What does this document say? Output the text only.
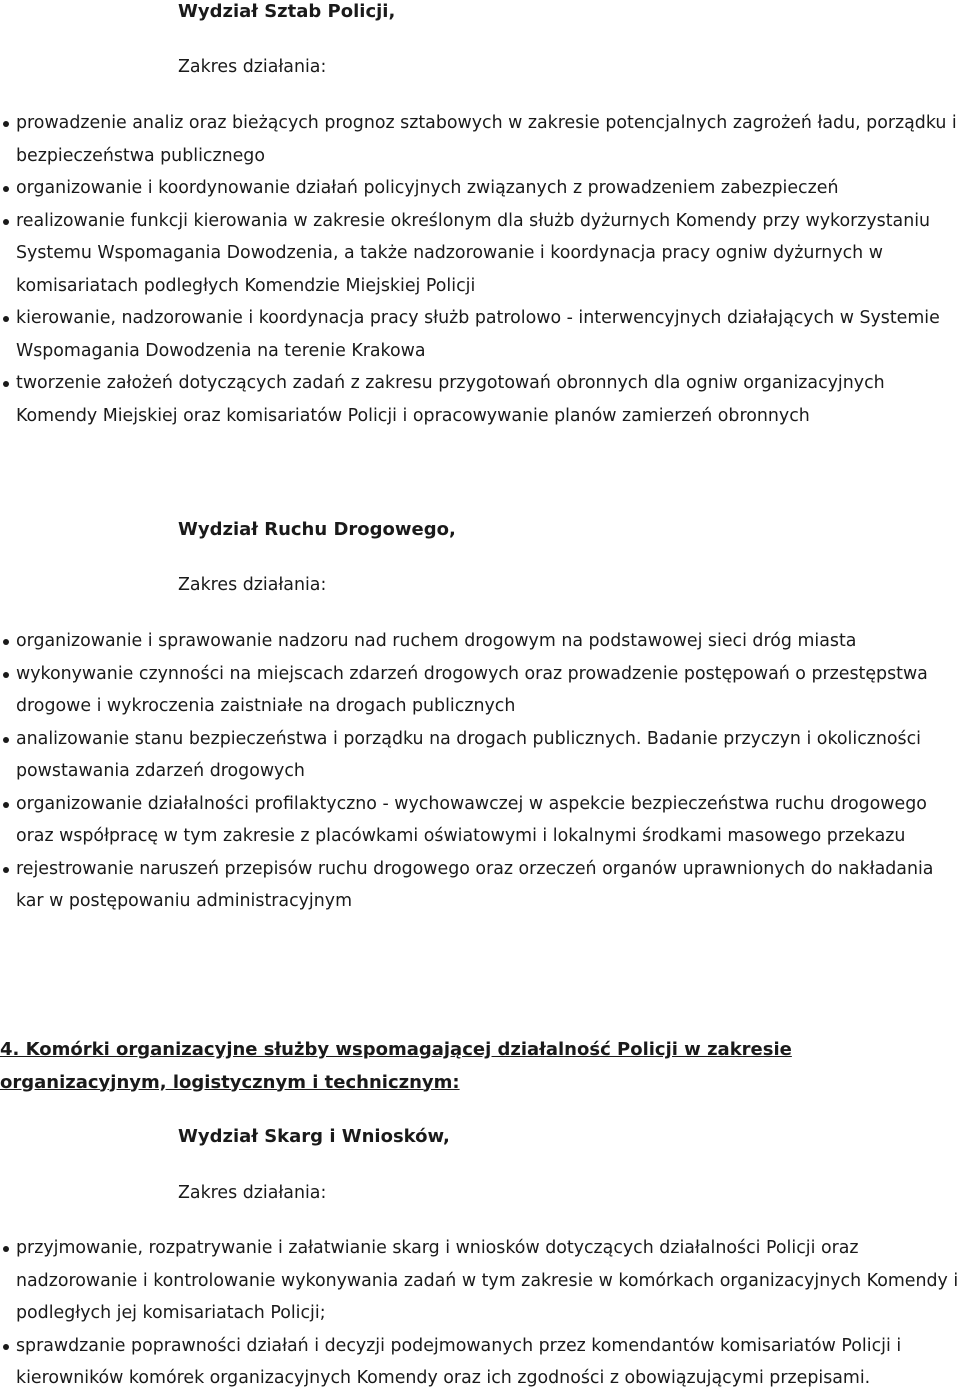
Wydział Sztab Policji,
Zakres działania:
prowadzenie analiz oraz bieżących prognoz sztabowych w zakresie potencjalnych zagrożeń ładu, porządku i bezpieczeństwa publicznego
organizowanie i koordynowanie działań policyjnych związanych z prowadzeniem zabezpieczeń
realizowanie funkcji kierowania w zakresie określonym dla służb dyżurnych Komendy przy wykorzystaniu Systemu Wspomagania Dowodzenia, a także nadzorowanie i koordynacja pracy ogniw dyżurnych w komisariatach podległych Komendzie Miejskiej Policji
kierowanie, nadzorowanie i koordynacja pracy służb patrolowo - interwencyjnych działających w Systemie Wspomagania Dowodzenia na terenie Krakowa
tworzenie założeń dotyczących zadań z zakresu przygotowań obronnych dla ogniw organizacyjnych Komendy Miejskiej oraz komisariatów Policji i opracowywanie planów zamierzeń obronnych
Wydział Ruchu Drogowego,
Zakres działania:
organizowanie i sprawowanie nadzoru nad ruchem drogowym na podstawowej sieci dróg miasta
wykonywanie czynności na miejscach zdarzeń drogowych oraz prowadzenie postępowań o przestępstwa drogowe i wykroczenia zaistniałe na drogach publicznych
analizowanie stanu bezpieczeństwa i porządku na drogach publicznych. Badanie przyczyn i okoliczności powstawania zdarzeń drogowych
organizowanie działalności profilaktyczno - wychowawczej w aspekcie bezpieczeństwa ruchu drogowego oraz współpracę w tym zakresie z placówkami oświatowymi i lokalnymi środkami masowego przekazu
rejestrowanie naruszeń przepisów ruchu drogowego oraz orzeczeń organów uprawnionych do nakładania kar w postępowaniu administracyjnym
4. Komórki organizacyjne służby wspomagającej działalność Policji w zakresie organizacyjnym, logistycznym i technicznym:
Wydział Skarg i Wniosków,
Zakres działania:
przyjmowanie, rozpatrywanie i załatwianie skarg i wniosków dotyczących działalności Policji oraz nadzorowanie i kontrolowanie wykonywania zadań w tym zakresie w komórkach organizacyjnych Komendy i podległych jej komisariatach Policji;
sprawdzanie poprawności działań i decyzji podejmowanych przez komendantów komisariatów Policji i kierowników komórek organizacyjnych Komendy oraz ich zgodności z obowiązującymi przepisami.
